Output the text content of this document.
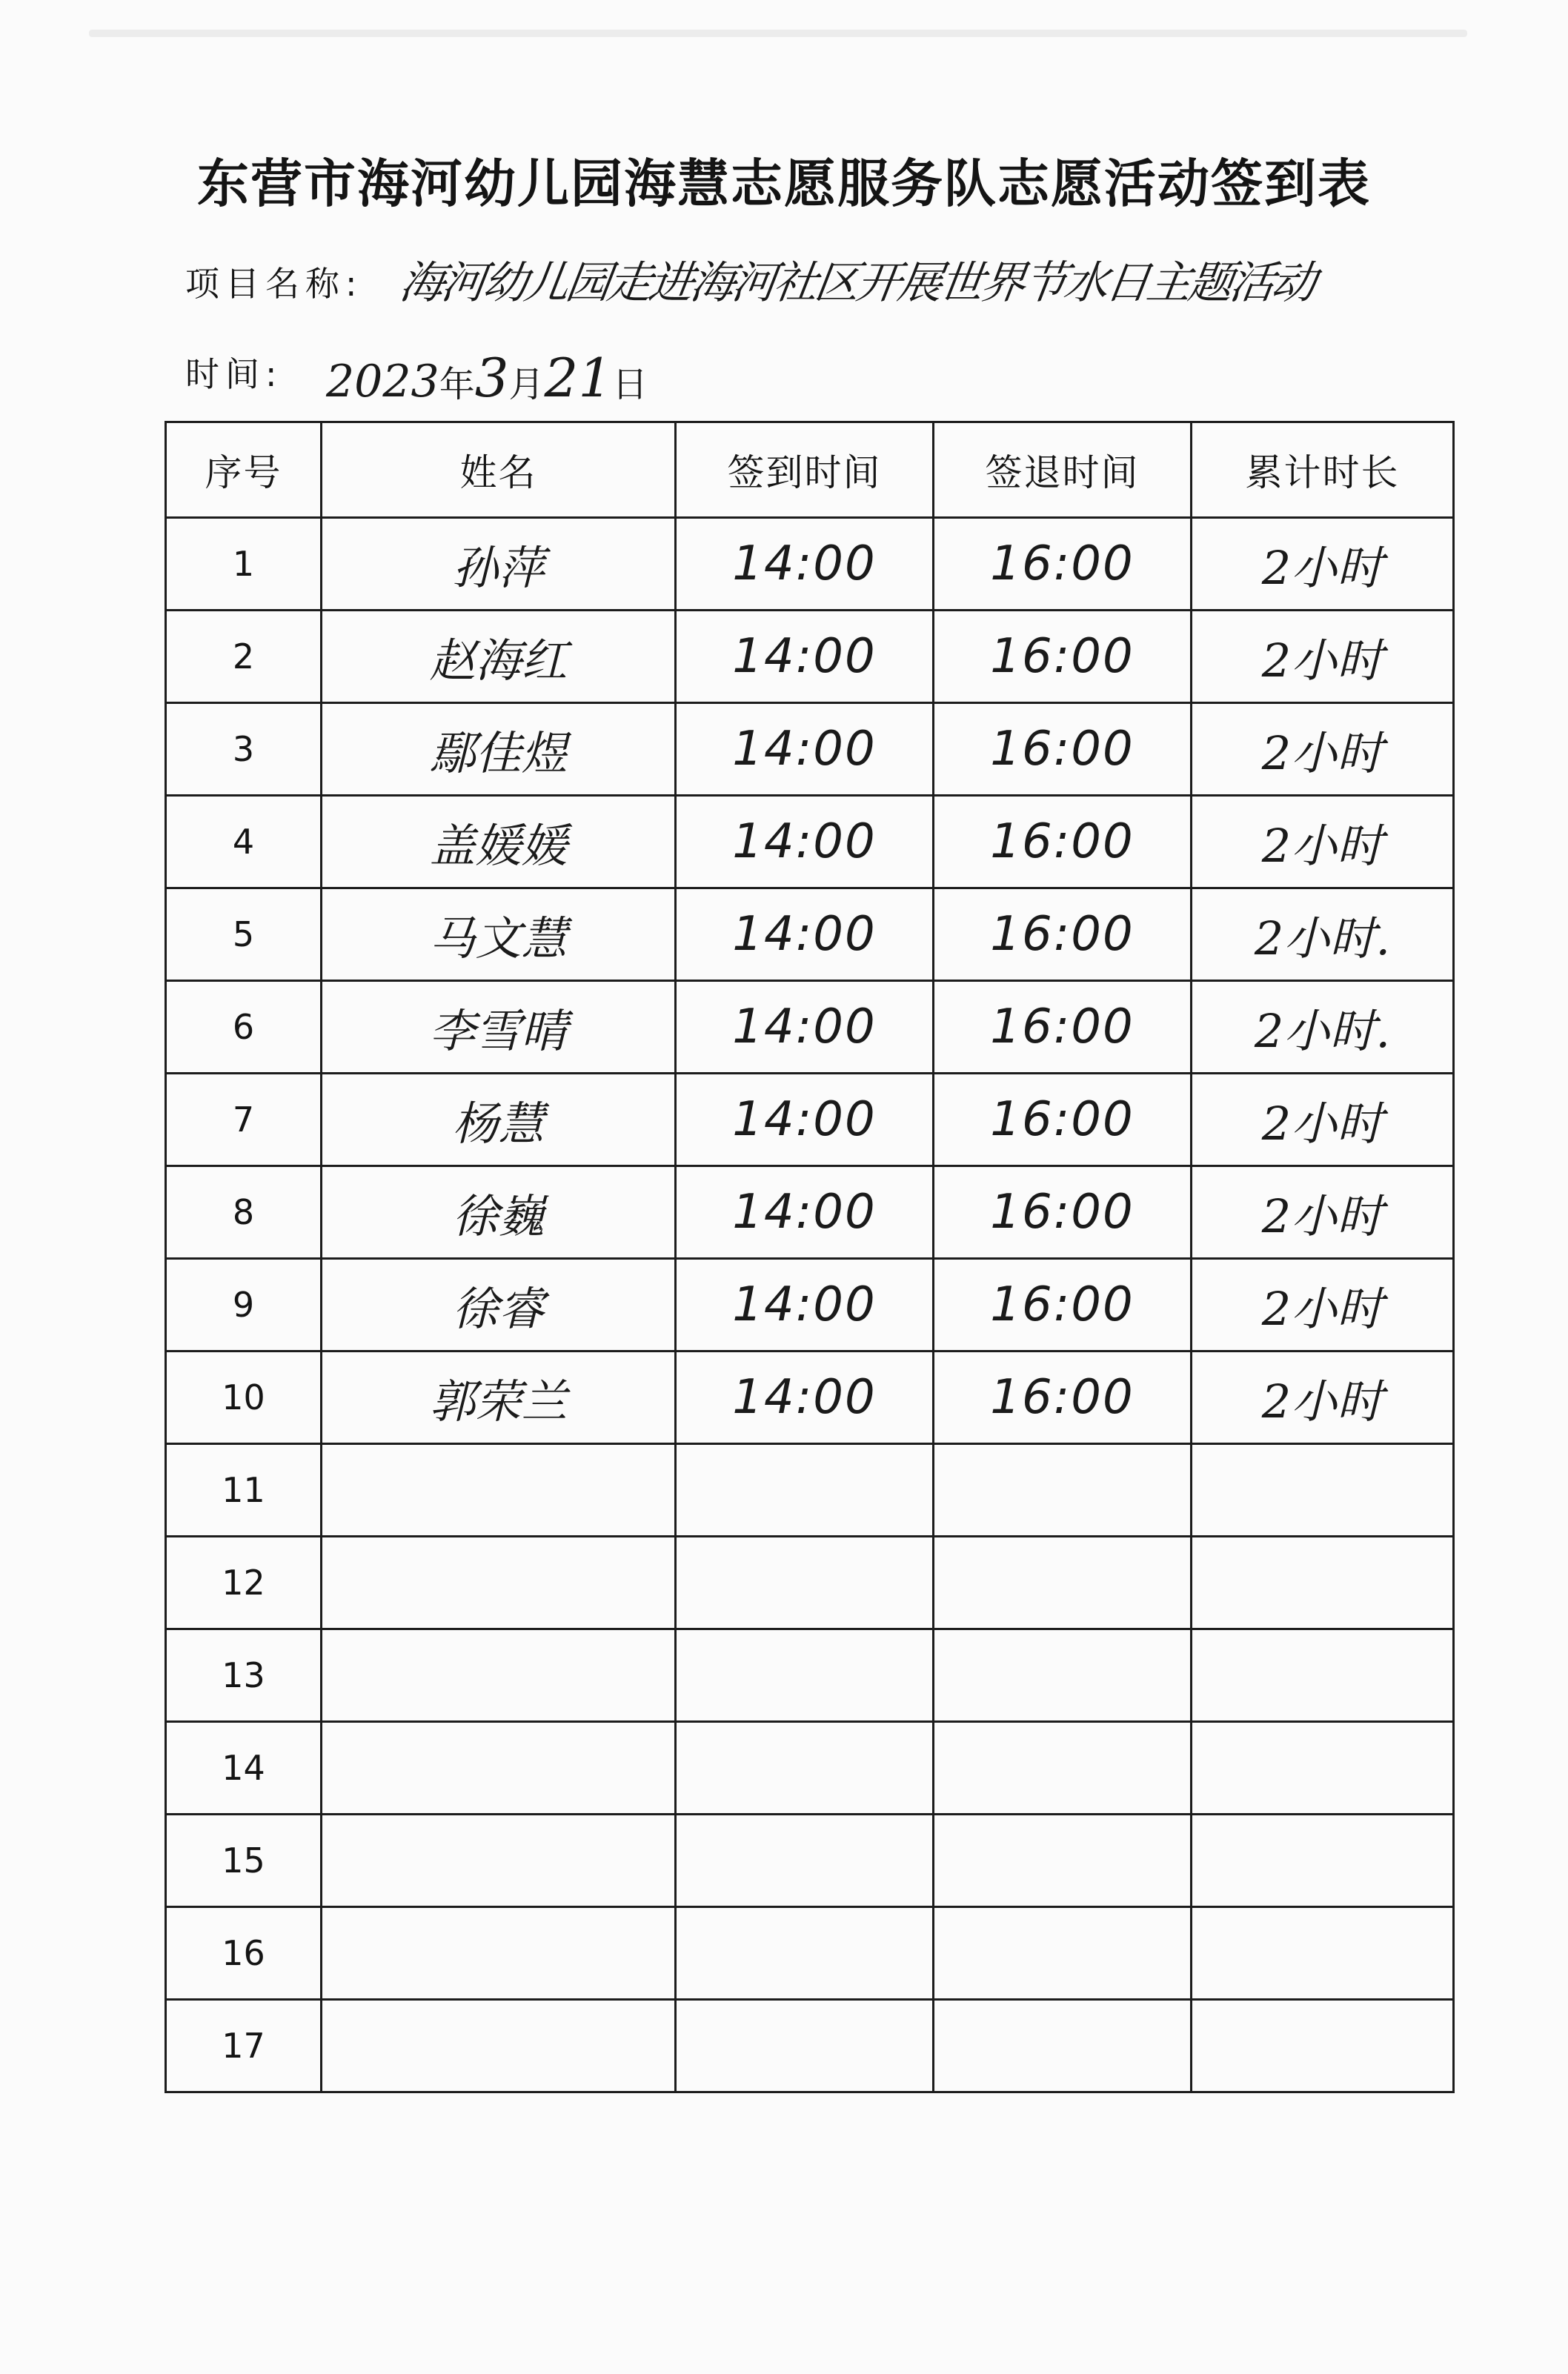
东营市海河幼儿园海慧志愿服务队志愿活动签到表
项目名称: 海河幼儿园走进海河社区开展世界节水日主题活动
时间: 2023年3月21日
序号	姓名	签到时间	签退时间	累计时长
1	孙萍	14:00	16:00	2小时
2	赵海红	14:00	16:00	2小时
3	鄢佳煜	14:00	16:00	2小时
4	盖媛媛	14:00	16:00	2小时
5	马文慧	14:00	16:00	2小时.
6	李雪晴	14:00	16:00	2小时.
7	杨慧	14:00	16:00	2小时
8	徐巍	14:00	16:00	2小时
9	徐睿	14:00	16:00	2小时
10	郭荣兰	14:00	16:00	2小时
11				
12				
13				
14				
15				
16				
17				
